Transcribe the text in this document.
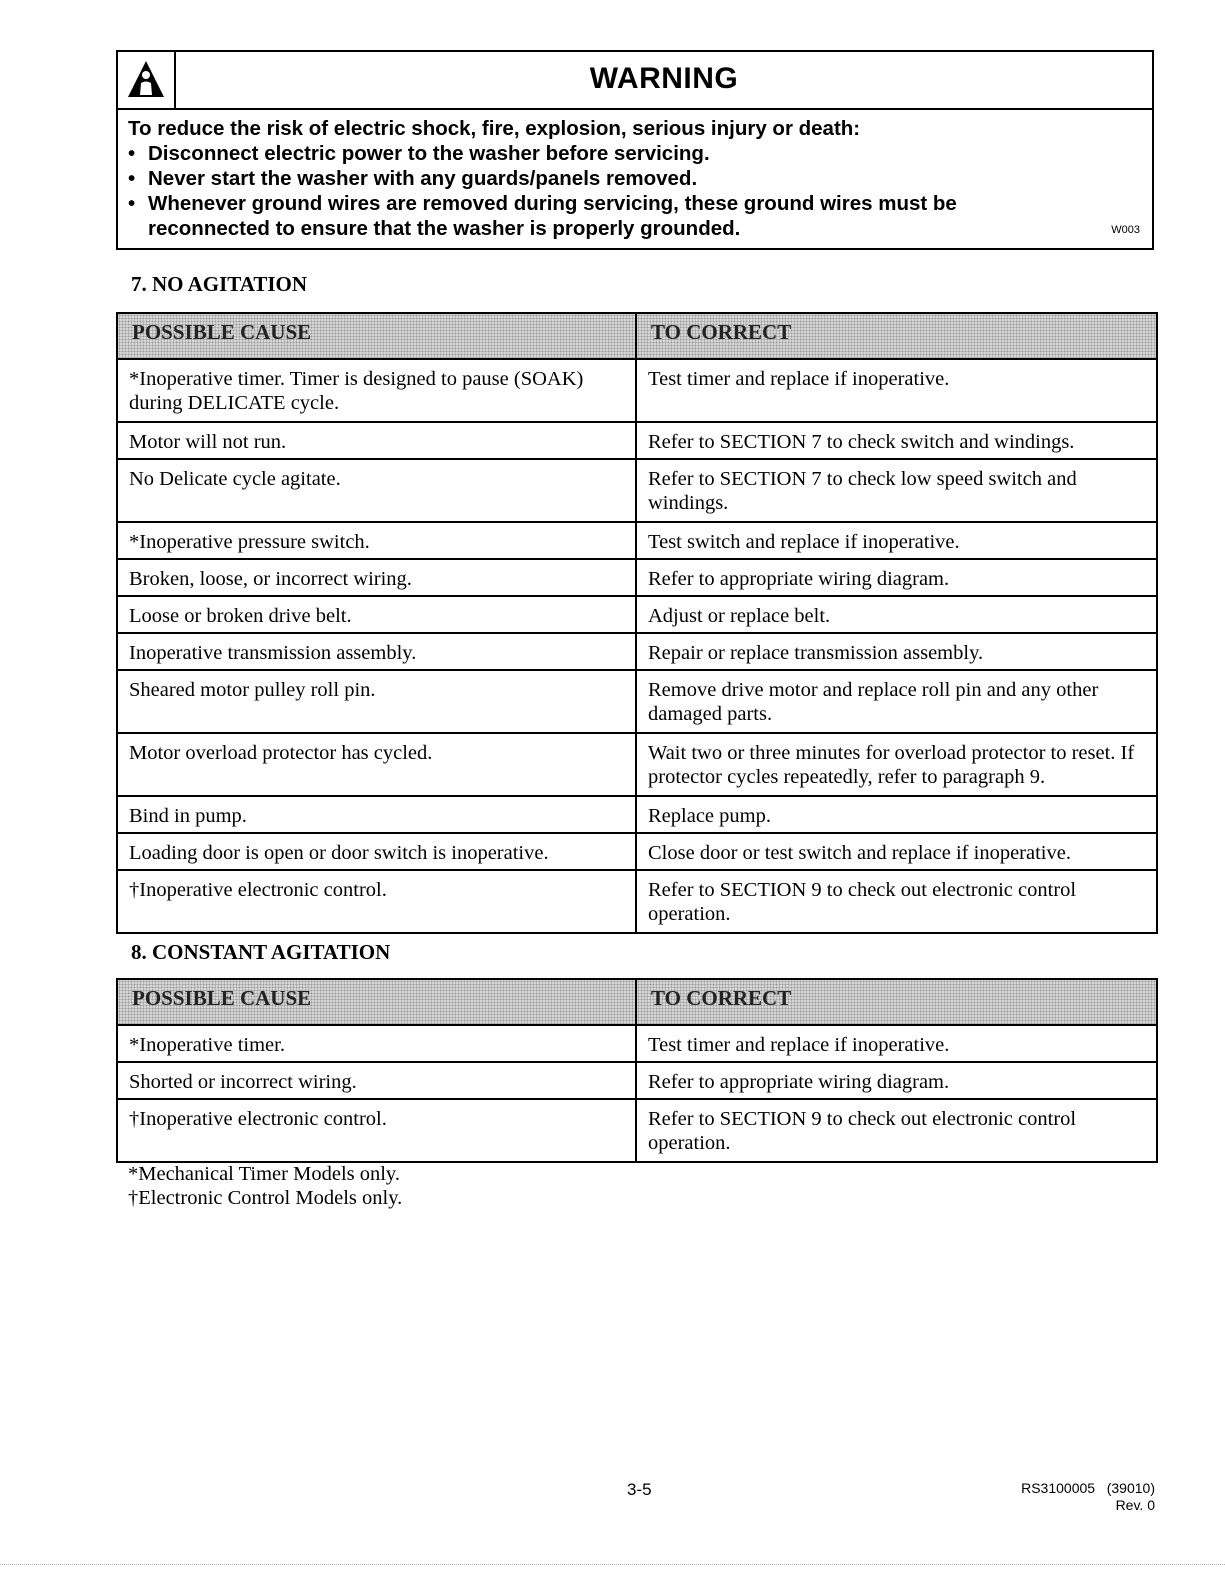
WARNING
To reduce the risk of electric shock, fire, explosion, serious injury or death:
• Disconnect electric power to the washer before servicing.
• Never start the washer with any guards/panels removed.
• Whenever ground wires are removed during servicing, these ground wires must be reconnected to ensure that the washer is properly grounded.	W003
7. NO AGITATION
POSSIBLE CAUSE	TO CORRECT
*Inoperative timer. Timer is designed to pause (SOAK) during DELICATE cycle.	Test timer and replace if inoperative.
Motor will not run.	Refer to SECTION 7 to check switch and windings.
No Delicate cycle agitate.	Refer to SECTION 7 to check low speed switch and windings.
*Inoperative pressure switch.	Test switch and replace if inoperative.
Broken, loose, or incorrect wiring.	Refer to appropriate wiring diagram.
Loose or broken drive belt.	Adjust or replace belt.
Inoperative transmission assembly.	Repair or replace transmission assembly.
Sheared motor pulley roll pin.	Remove drive motor and replace roll pin and any other damaged parts.
Motor overload protector has cycled.	Wait two or three minutes for overload protector to reset. If protector cycles repeatedly, refer to paragraph 9.
Bind in pump.	Replace pump.
Loading door is open or door switch is inoperative.	Close door or test switch and replace if inoperative.
†Inoperative electronic control.	Refer to SECTION 9 to check out electronic control operation.
8. CONSTANT AGITATION
POSSIBLE CAUSE	TO CORRECT
*Inoperative timer.	Test timer and replace if inoperative.
Shorted or incorrect wiring.	Refer to appropriate wiring diagram.
†Inoperative electronic control.	Refer to SECTION 9 to check out electronic control operation.
*Mechanical Timer Models only.
†Electronic Control Models only.
3-5	RS3100005 (39010)
Rev. 0
